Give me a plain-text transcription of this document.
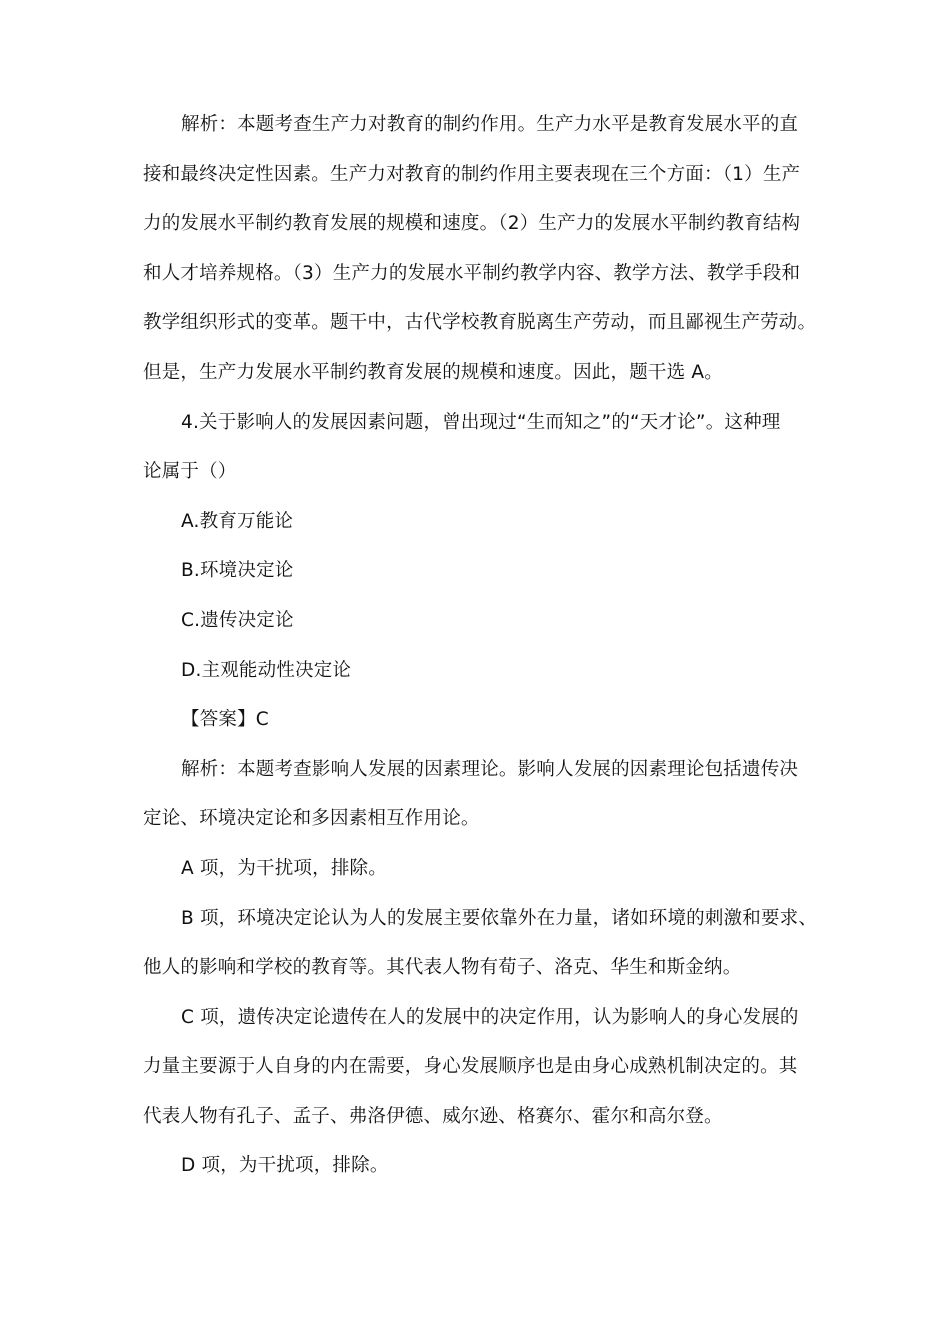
解析：本题考查生产力对教育的制约作用。生产力水平是教育发展水平的直
接和最终决定性因素。生产力对教育的制约作用主要表现在三个方面：（1）生产
力的发展水平制约教育发展的规模和速度。（2）生产力的发展水平制约教育结构
和人才培养规格。（3）生产力的发展水平制约教学内容、教学方法、教学手段和
教学组织形式的变革。题干中，古代学校教育脱离生产劳动，而且鄙视生产劳动。
但是，生产力发展水平制约教育发展的规模和速度。因此，题干选 A。
4.关于影响人的发展因素问题，曾出现过“生而知之”的“天才论”。这种理
论属于（）
A.教育万能论
B.环境决定论
C.遗传决定论
D.主观能动性决定论
【答案】C
解析：本题考查影响人发展的因素理论。影响人发展的因素理论包括遗传决
定论、环境决定论和多因素相互作用论。
A 项，为干扰项，排除。
B 项，环境决定论认为人的发展主要依靠外在力量，诸如环境的刺激和要求、
他人的影响和学校的教育等。其代表人物有荀子、洛克、华生和斯金纳。
C 项，遗传决定论遗传在人的发展中的决定作用，认为影响人的身心发展的
力量主要源于人自身的内在需要，身心发展顺序也是由身心成熟机制决定的。其
代表人物有孔子、孟子、弗洛伊德、威尔逊、格赛尔、霍尔和高尔登。
D 项，为干扰项，排除。
